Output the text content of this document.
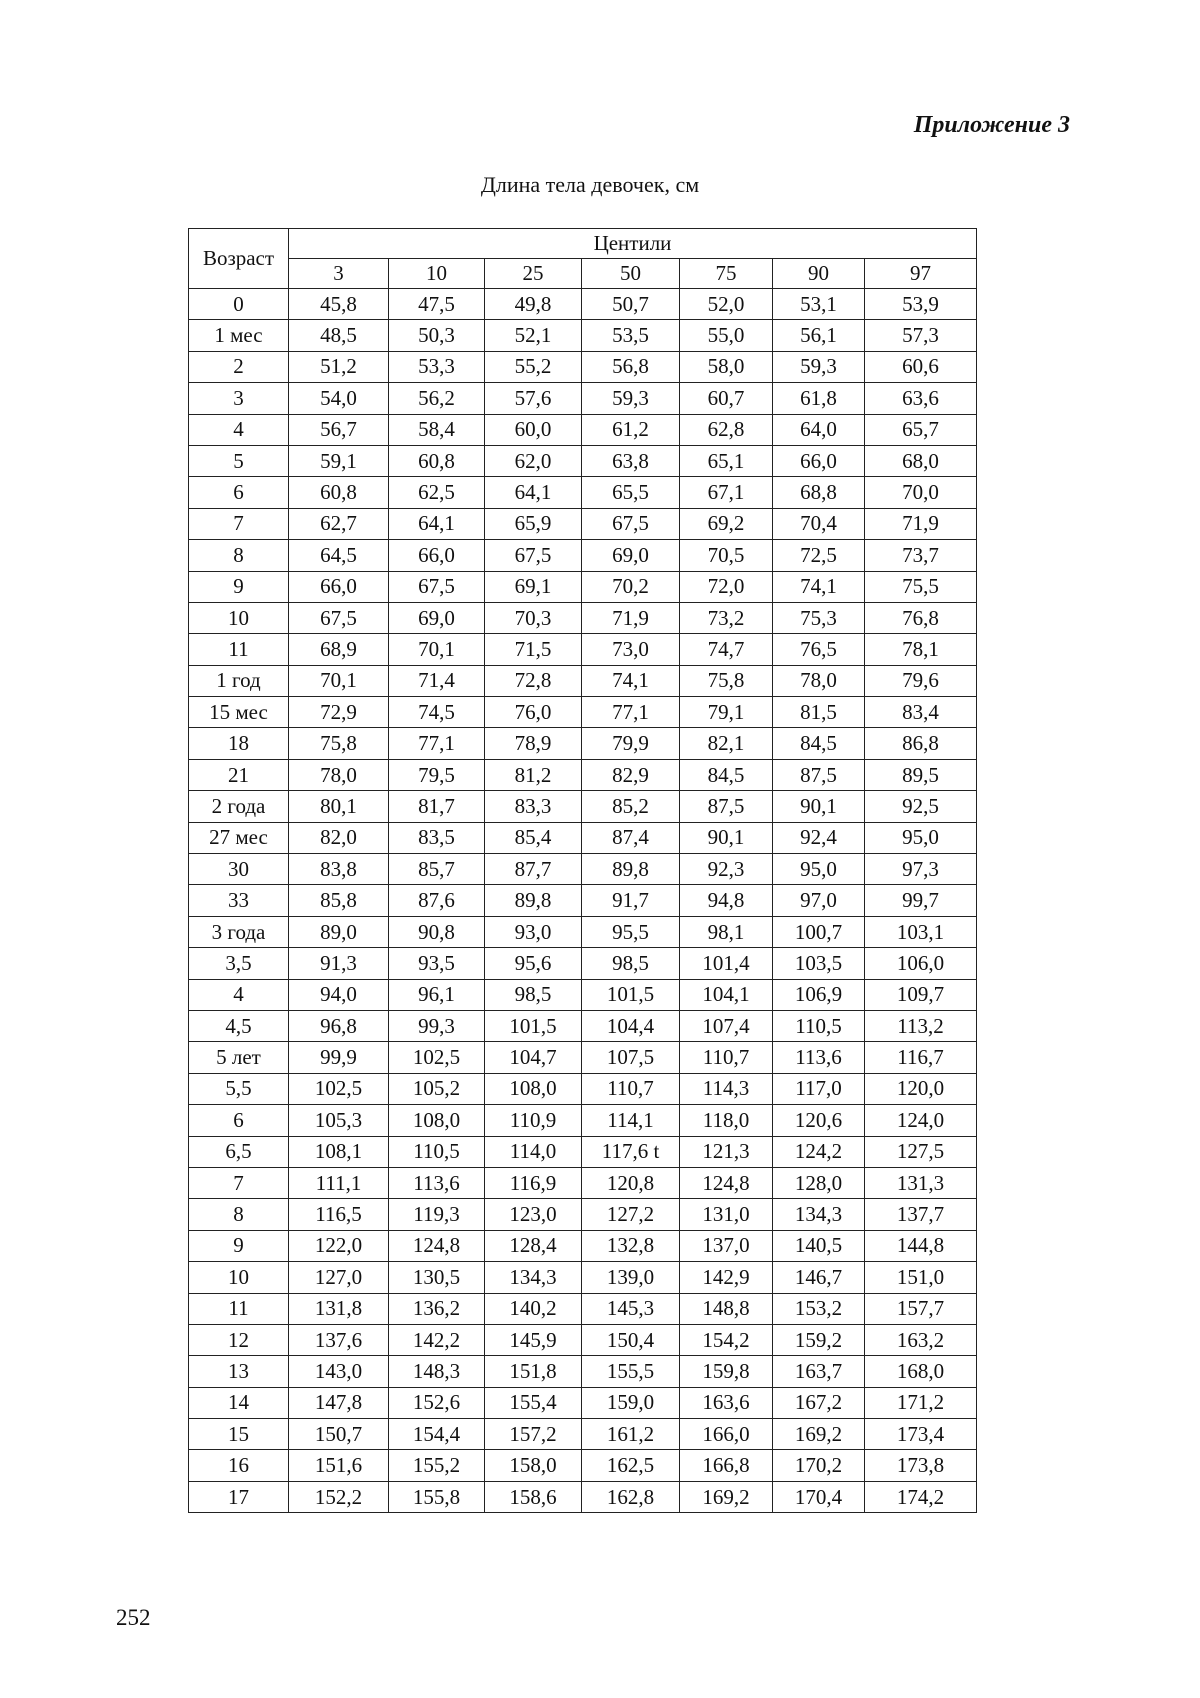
Приложение 3
Длина тела девочек, см
Возраст	Центили						
	3	10	25	50	75	90	97
0	45,8	47,5	49,8	50,7	52,0	53,1	53,9
1 мес	48,5	50,3	52,1	53,5	55,0	56,1	57,3
2	51,2	53,3	55,2	56,8	58,0	59,3	60,6
3	54,0	56,2	57,6	59,3	60,7	61,8	63,6
4	56,7	58,4	60,0	61,2	62,8	64,0	65,7
5	59,1	60,8	62,0	63,8	65,1	66,0	68,0
6	60,8	62,5	64,1	65,5	67,1	68,8	70,0
7	62,7	64,1	65,9	67,5	69,2	70,4	71,9
8	64,5	66,0	67,5	69,0	70,5	72,5	73,7
9	66,0	67,5	69,1	70,2	72,0	74,1	75,5
10	67,5	69,0	70,3	71,9	73,2	75,3	76,8
11	68,9	70,1	71,5	73,0	74,7	76,5	78,1
1 год	70,1	71,4	72,8	74,1	75,8	78,0	79,6
15 мес	72,9	74,5	76,0	77,1	79,1	81,5	83,4
18	75,8	77,1	78,9	79,9	82,1	84,5	86,8
21	78,0	79,5	81,2	82,9	84,5	87,5	89,5
2 года	80,1	81,7	83,3	85,2	87,5	90,1	92,5
27 мес	82,0	83,5	85,4	87,4	90,1	92,4	95,0
30	83,8	85,7	87,7	89,8	92,3	95,0	97,3
33	85,8	87,6	89,8	91,7	94,8	97,0	99,7
3 года	89,0	90,8	93,0	95,5	98,1	100,7	103,1
3,5	91,3	93,5	95,6	98,5	101,4	103,5	106,0
4	94,0	96,1	98,5	101,5	104,1	106,9	109,7
4,5	96,8	99,3	101,5	104,4	107,4	110,5	113,2
5 лет	99,9	102,5	104,7	107,5	110,7	113,6	116,7
5,5	102,5	105,2	108,0	110,7	114,3	117,0	120,0
6	105,3	108,0	110,9	114,1	118,0	120,6	124,0
6,5	108,1	110,5	114,0	117,6 t	121,3	124,2	127,5
7	111,1	113,6	116,9	120,8	124,8	128,0	131,3
8	116,5	119,3	123,0	127,2	131,0	134,3	137,7
9	122,0	124,8	128,4	132,8	137,0	140,5	144,8
10	127,0	130,5	134,3	139,0	142,9	146,7	151,0
11	131,8	136,2	140,2	145,3	148,8	153,2	157,7
12	137,6	142,2	145,9	150,4	154,2	159,2	163,2
13	143,0	148,3	151,8	155,5	159,8	163,7	168,0
14	147,8	152,6	155,4	159,0	163,6	167,2	171,2
15	150,7	154,4	157,2	161,2	166,0	169,2	173,4
16	151,6	155,2	158,0	162,5	166,8	170,2	173,8
17	152,2	155,8	158,6	162,8	169,2	170,4	174,2
252
